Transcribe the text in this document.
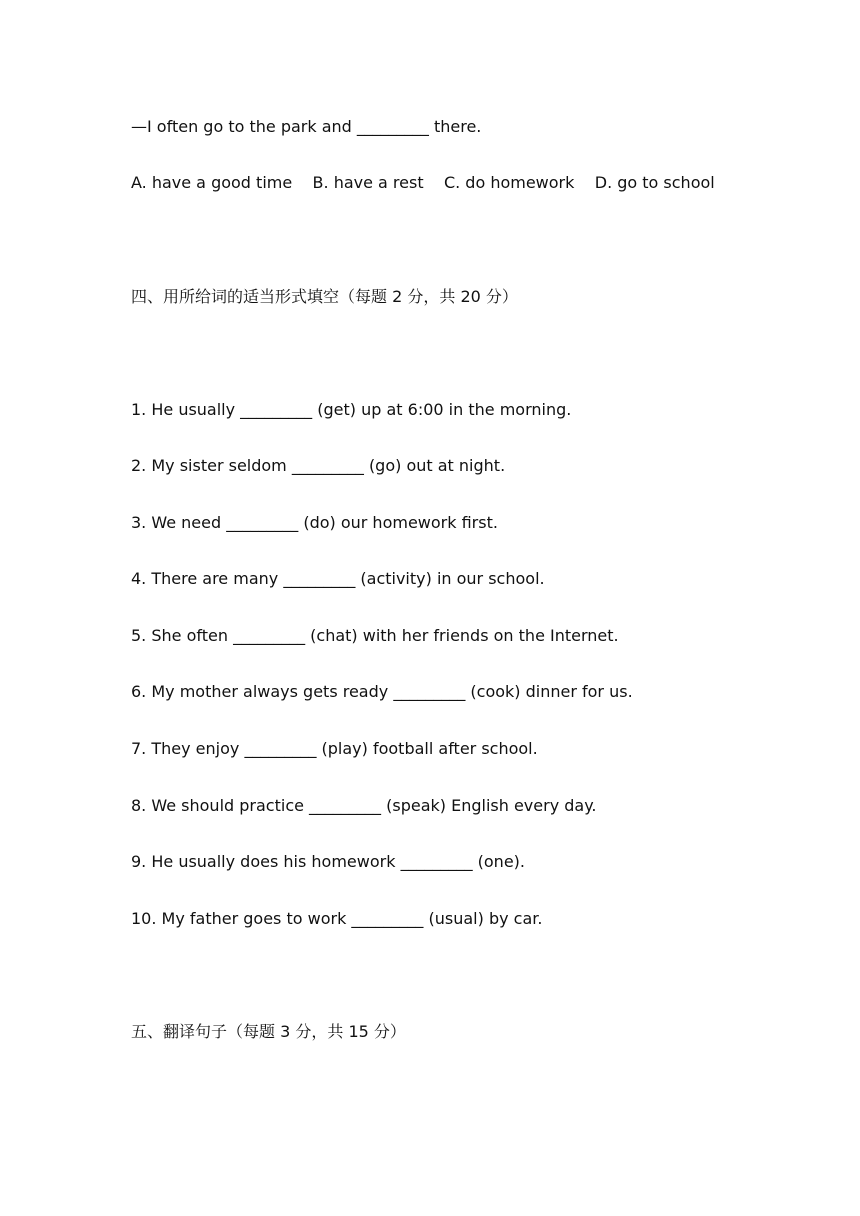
—I often go to the park and _________ there.
A. have a good time    B. have a rest    C. do homework    D. go to school
四、用所给词的适当形式填空（每题 2 分，共 20 分）
1. He usually _________ (get) up at 6:00 in the morning.
2. My sister seldom _________ (go) out at night.
3. We need _________ (do) our homework first.
4. There are many _________ (activity) in our school.
5. She often _________ (chat) with her friends on the Internet.
6. My mother always gets ready _________ (cook) dinner for us.
7. They enjoy _________ (play) football after school.
8. We should practice _________ (speak) English every day.
9. He usually does his homework _________ (one).
10. My father goes to work _________ (usual) by car.
五、翻译句子（每题 3 分，共 15 分）
